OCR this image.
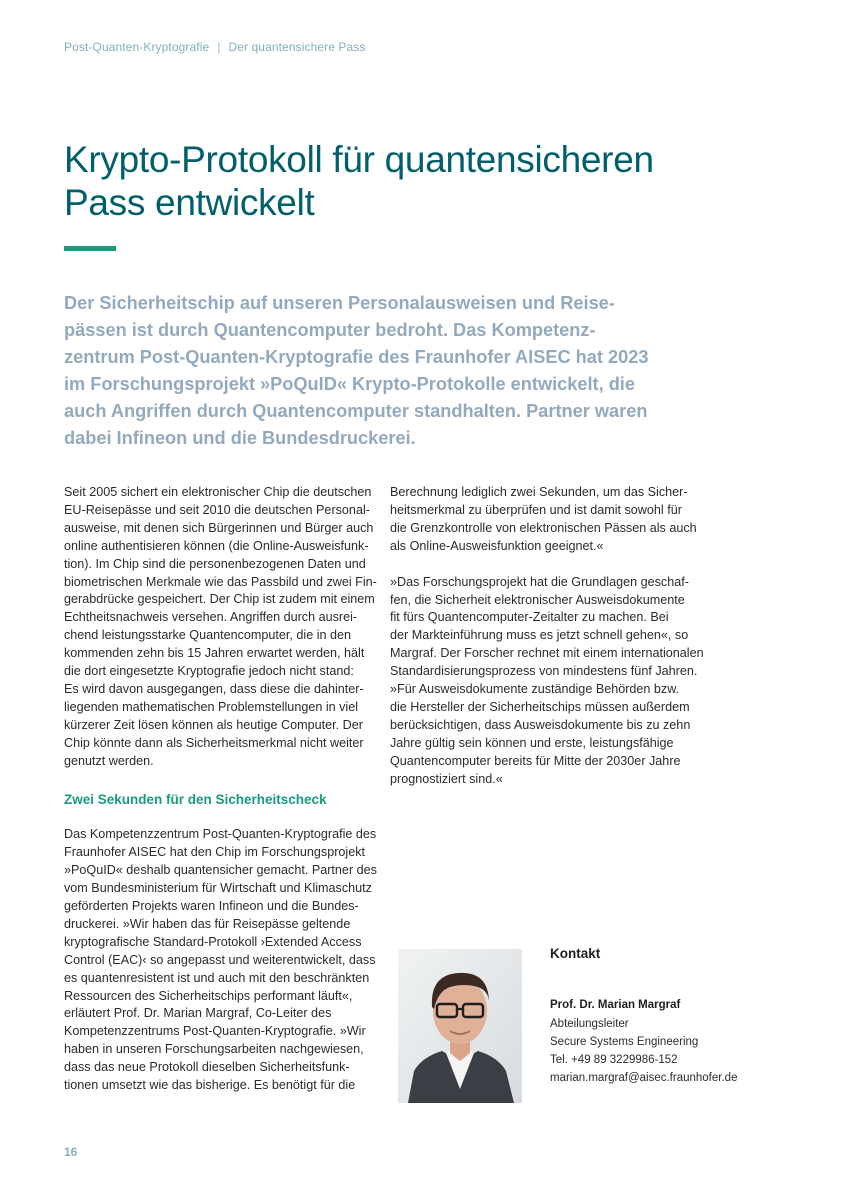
Post-Quanten-Kryptografie | Der quantensichere Pass
Krypto-Protokoll für quantensicheren
Pass entwickelt

Der Sicherheitschip auf unseren Personalausweisen und Reise-
pässen ist durch Quantencomputer bedroht. Das Kompetenz-
zentrum Post-Quanten-Kryptografie des Fraunhofer AISEC hat 2023
im Forschungsprojekt »PoQuID« Krypto-Protokolle entwickelt, die
auch Angriffen durch Quantencomputer standhalten. Partner waren
dabei Infineon und die Bundesdruckerei.

Seit 2005 sichert ein elektronischer Chip die deutschen
EU-Reisepässe und seit 2010 die deutschen Personal-
ausweise, mit denen sich Bürgerinnen und Bürger auch
online authentisieren können (die Online-Ausweisfunk-
tion). Im Chip sind die personenbezogenen Daten und
biometrischen Merkmale wie das Passbild und zwei Fin-
gerabdrücke gespeichert. Der Chip ist zudem mit einem
Echtheitsnachweis versehen. Angriffen durch ausrei-
chend leistungsstarke Quantencomputer, die in den
kommenden zehn bis 15 Jahren erwartet werden, hält
die dort eingesetzte Kryptografie jedoch nicht stand:
Es wird davon ausgegangen, dass diese die dahinter-
liegenden mathematischen Problemstellungen in viel
kürzerer Zeit lösen können als heutige Computer. Der
Chip könnte dann als Sicherheitsmerkmal nicht weiter
genutzt werden.

Zwei Sekunden für den Sicherheitscheck

Das Kompetenzzentrum Post-Quanten-Kryptografie des
Fraunhofer AISEC hat den Chip im Forschungsprojekt
»PoQuID« deshalb quantensicher gemacht. Partner des
vom Bundesministerium für Wirtschaft und Klimaschutz
geförderten Projekts waren Infineon und die Bundes-
druckerei. »Wir haben das für Reisepässe geltende
kryptografische Standard-Protokoll ›Extended Access
Control (EAC)‹ so angepasst und weiterentwickelt, dass
es quantenresistent ist und auch mit den beschränkten
Ressourcen des Sicherheitschips performant läuft«,
erläutert Prof. Dr. Marian Margraf, Co-Leiter des
Kompetenzzentrums Post-Quanten-Kryptografie. »Wir
haben in unseren Forschungsarbeiten nachgewiesen,
dass das neue Protokoll dieselben Sicherheitsfunk-
tionen umsetzt wie das bisherige. Es benötigt für die

Berechnung lediglich zwei Sekunden, um das Sicher-
heitsmerkmal zu überprüfen und ist damit sowohl für
die Grenzkontrolle von elektronischen Pässen als auch
als Online-Ausweisfunktion geeignet.«

»Das Forschungsprojekt hat die Grundlagen geschaf-
fen, die Sicherheit elektronischer Ausweisdokumente
fit fürs Quantencomputer-Zeitalter zu machen. Bei
der Markteinführung muss es jetzt schnell gehen«, so
Margraf. Der Forscher rechnet mit einem internationalen
Standardisierungsprozess von mindestens fünf Jahren.
»Für Ausweisdokumente zuständige Behörden bzw.
die Hersteller der Sicherheitschips müssen außerdem
berücksichtigen, dass Ausweisdokumente bis zu zehn
Jahre gültig sein können und erste, leistungsfähige
Quantencomputer bereits für Mitte der 2030er Jahre
prognostiziert sind.«

Kontakt

Prof. Dr. Marian Margraf

Abteilungsleiter

Secure Systems Engineering

Tel. +49 89 3229986-152

marian.margraf@aisec.fraunhofer.de

16
